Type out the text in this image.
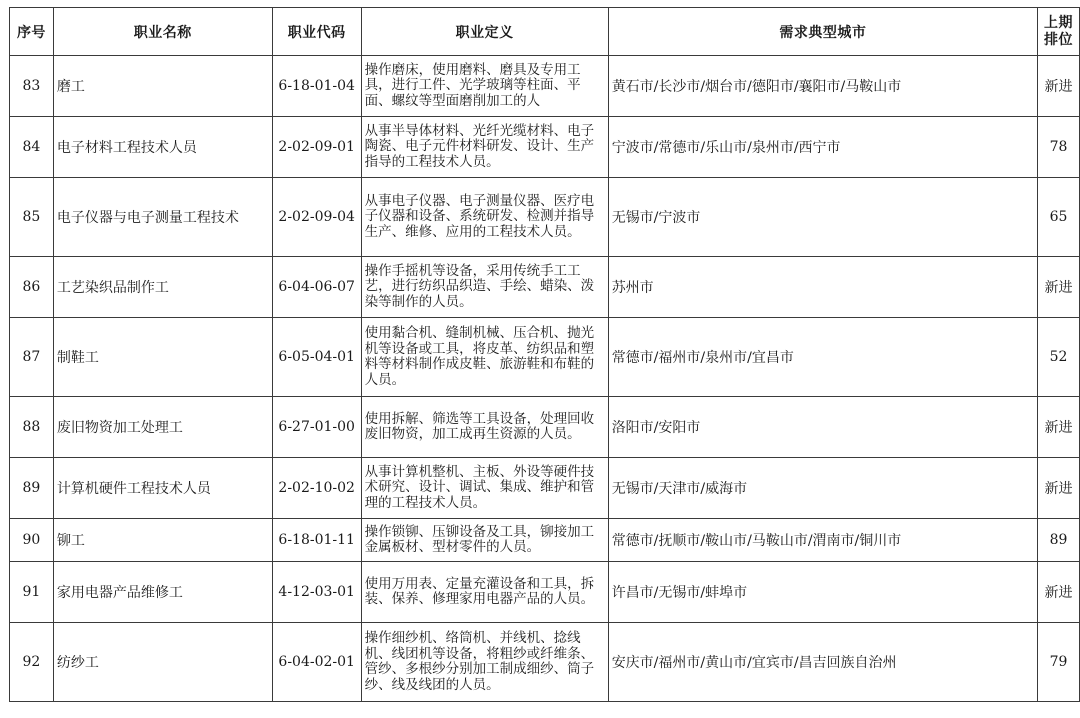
序号	职业名称	职业代码	职业定义	需求典型城市	上期
排位

83	磨工	6-18-01-04	操作磨床，使用磨料、磨具及专用工具，进行工件、光学玻璃等柱面、平面、螺纹等型面磨削加工的人	黄石市/长沙市/烟台市/德阳市/襄阳市/马鞍山市	新进
84	电子材料工程技术人员	2-02-09-01	从事半导体材料、光纤光缆材料、电子陶瓷、电子元件材料研发、设计、生产指导的工程技术人员。	宁波市/常德市/乐山市/泉州市/西宁市	78
85	电子仪器与电子测量工程技术	2-02-09-04	从事电子仪器、电子测量仪器、医疗电子仪器和设备、系统研发、检测并指导生产、维修、应用的工程技术人员。	无锡市/宁波市	65
86	工艺染织品制作工	6-04-06-07	操作手摇机等设备，采用传统手工工艺，进行纺织品织造、手绘、蜡染、泼染等制作的人员。	苏州市	新进
87	制鞋工	6-05-04-01	使用黏合机、缝制机械、压合机、抛光机等设备或工具，将皮革、纺织品和塑料等材料制作成皮鞋、旅游鞋和布鞋的人员。	常德市/福州市/泉州市/宜昌市	52
88	废旧物资加工处理工	6-27-01-00	使用拆解、筛选等工具设备，处理回收废旧物资，加工成再生资源的人员。	洛阳市/安阳市	新进
89	计算机硬件工程技术人员	2-02-10-02	从事计算机整机、主板、外设等硬件技术研究、设计、调试、集成、维护和管理的工程技术人员。	无锡市/天津市/威海市	新进
90	铆工	6-18-01-11	操作锁铆、压铆设备及工具，铆接加工金属板材、型材零件的人员。	常德市/抚顺市/鞍山市/马鞍山市/渭南市/铜川市	89
91	家用电器产品维修工	4-12-03-01	使用万用表、定量充灌设备和工具，拆装、保养、修理家用电器产品的人员。	许昌市/无锡市/蚌埠市	新进
92	纺纱工	6-04-02-01	操作细纱机、络筒机、并线机、捻线机、线团机等设备，将粗纱或纤维条、管纱、多根纱分别加工制成细纱、筒子纱、线及线团的人员。	安庆市/福州市/黄山市/宜宾市/昌吉回族自治州	79
